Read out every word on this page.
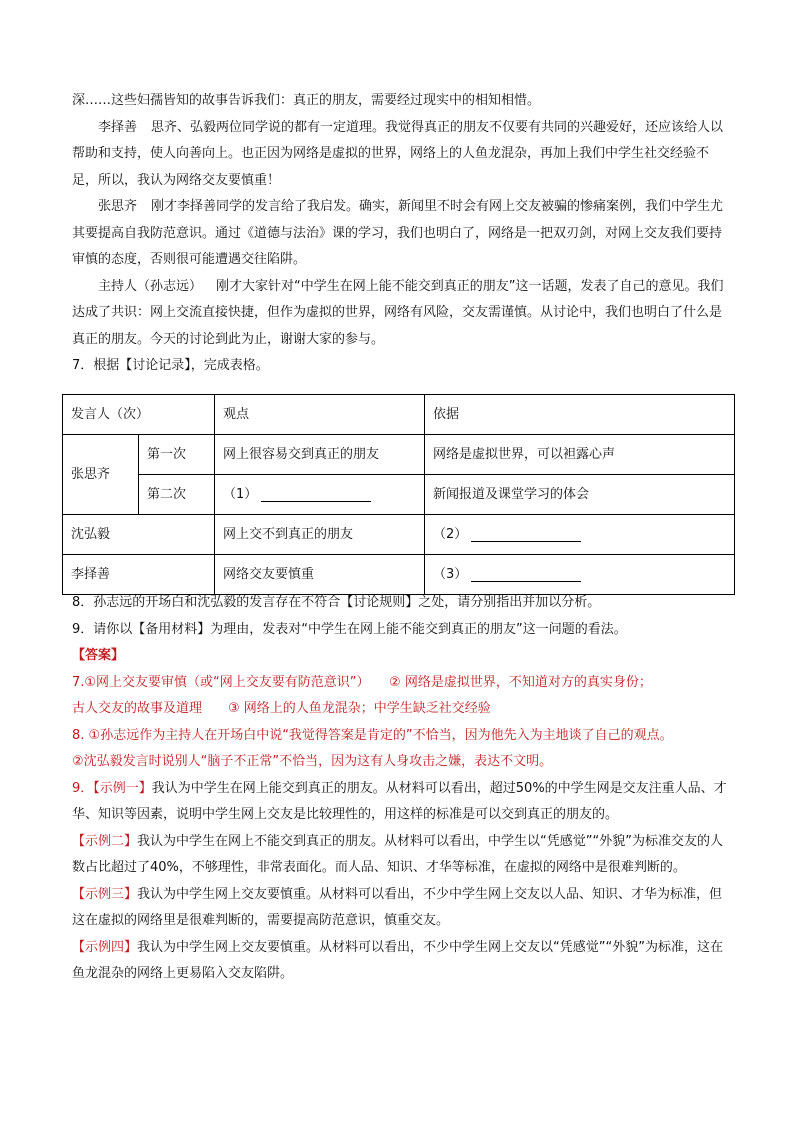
深……这些妇孺皆知的故事告诉我们：真正的朋友，需要经过现实中的相知相惜。

李择善 思齐、弘毅两位同学说的都有一定道理。我觉得真正的朋友不仅要有共同的兴趣爱好，还应该给人以帮助和支持，使人向善向上。也正因为网络是虚拟的世界，网络上的人鱼龙混杂，再加上我们中学生社交经验不足，所以，我认为网络交友要慎重！

张思齐 刚才李择善同学的发言给了我启发。确实，新闻里不时会有网上交友被骗的惨痛案例，我们中学生尤其要提高自我防范意识。通过《道德与法治》课的学习，我们也明白了，网络是一把双刃剑，对网上交友我们要持审慎的态度，否则很可能遭遇交往陷阱。

主持人（孙志远） 刚才大家针对“中学生在网上能不能交到真正的朋友”这一话题，发表了自己的意见。我们达成了共识：网上交流直接快捷，但作为虚拟的世界，网络有风险，交友需谨慎。从讨论中，我们也明白了什么是真正的朋友。今天的讨论到此为止，谢谢大家的参与。

7．根据【讨论记录】，完成表格。

发言人（次）		观点	依据
张思齐	第一次	网上很容易交到真正的朋友	网络是虚拟世界，可以袒露心声
	第二次	（1）	新闻报道及课堂学习的体会
沈弘毅		网上交不到真正的朋友	（2）
李择善		网络交友要慎重	（3）

8．孙志远的开场白和沈弘毅的发言存在不符合【讨论规则】之处，请分别指出并加以分析。

9．请你以【备用材料】为理由，发表对“中学生在网上能不能交到真正的朋友”这一问题的看法。

【答案】

7.①网上交友要审慎（或“网上交友要有防范意识”）　　② 网络是虚拟世界，不知道对方的真实身份；

古人交友的故事及道理　　③ 网络上的人鱼龙混杂；中学生缺乏社交经验

8. ①孙志远作为主持人在开场白中说“我觉得答案是肯定的”不恰当，因为他先入为主地谈了自己的观点。

②沈弘毅发言时说别人“脑子不正常”不恰当，因为这有人身攻击之嫌，表达不文明。

9．【示例一】我认为中学生在网上能交到真正的朋友。从材料可以看出，超过50%的中学生网是交友注重人品、才华、知识等因素，说明中学生网上交友是比较理性的，用这样的标准是可以交到真正的朋友的。

【示例二】我认为中学生在网上不能交到真正的朋友。从材料可以看出，中学生以“凭感觉”“外貌”为标准交友的人数占比超过了40%，不够理性，非常表面化。而人品、知识、才华等标准，在虚拟的网络中是很难判断的。

【示例三】我认为中学生网上交友要慎重。从材料可以看出，不少中学生网上交友以人品、知识、才华为标准，但这在虚拟的网络里是很难判断的，需要提高防范意识，慎重交友。

【示例四】我认为中学生网上交友要慎重。从材料可以看出，不少中学生网上交友以“凭感觉”“外貌”为标准，这在鱼龙混杂的网络上更易陷入交友陷阱。
